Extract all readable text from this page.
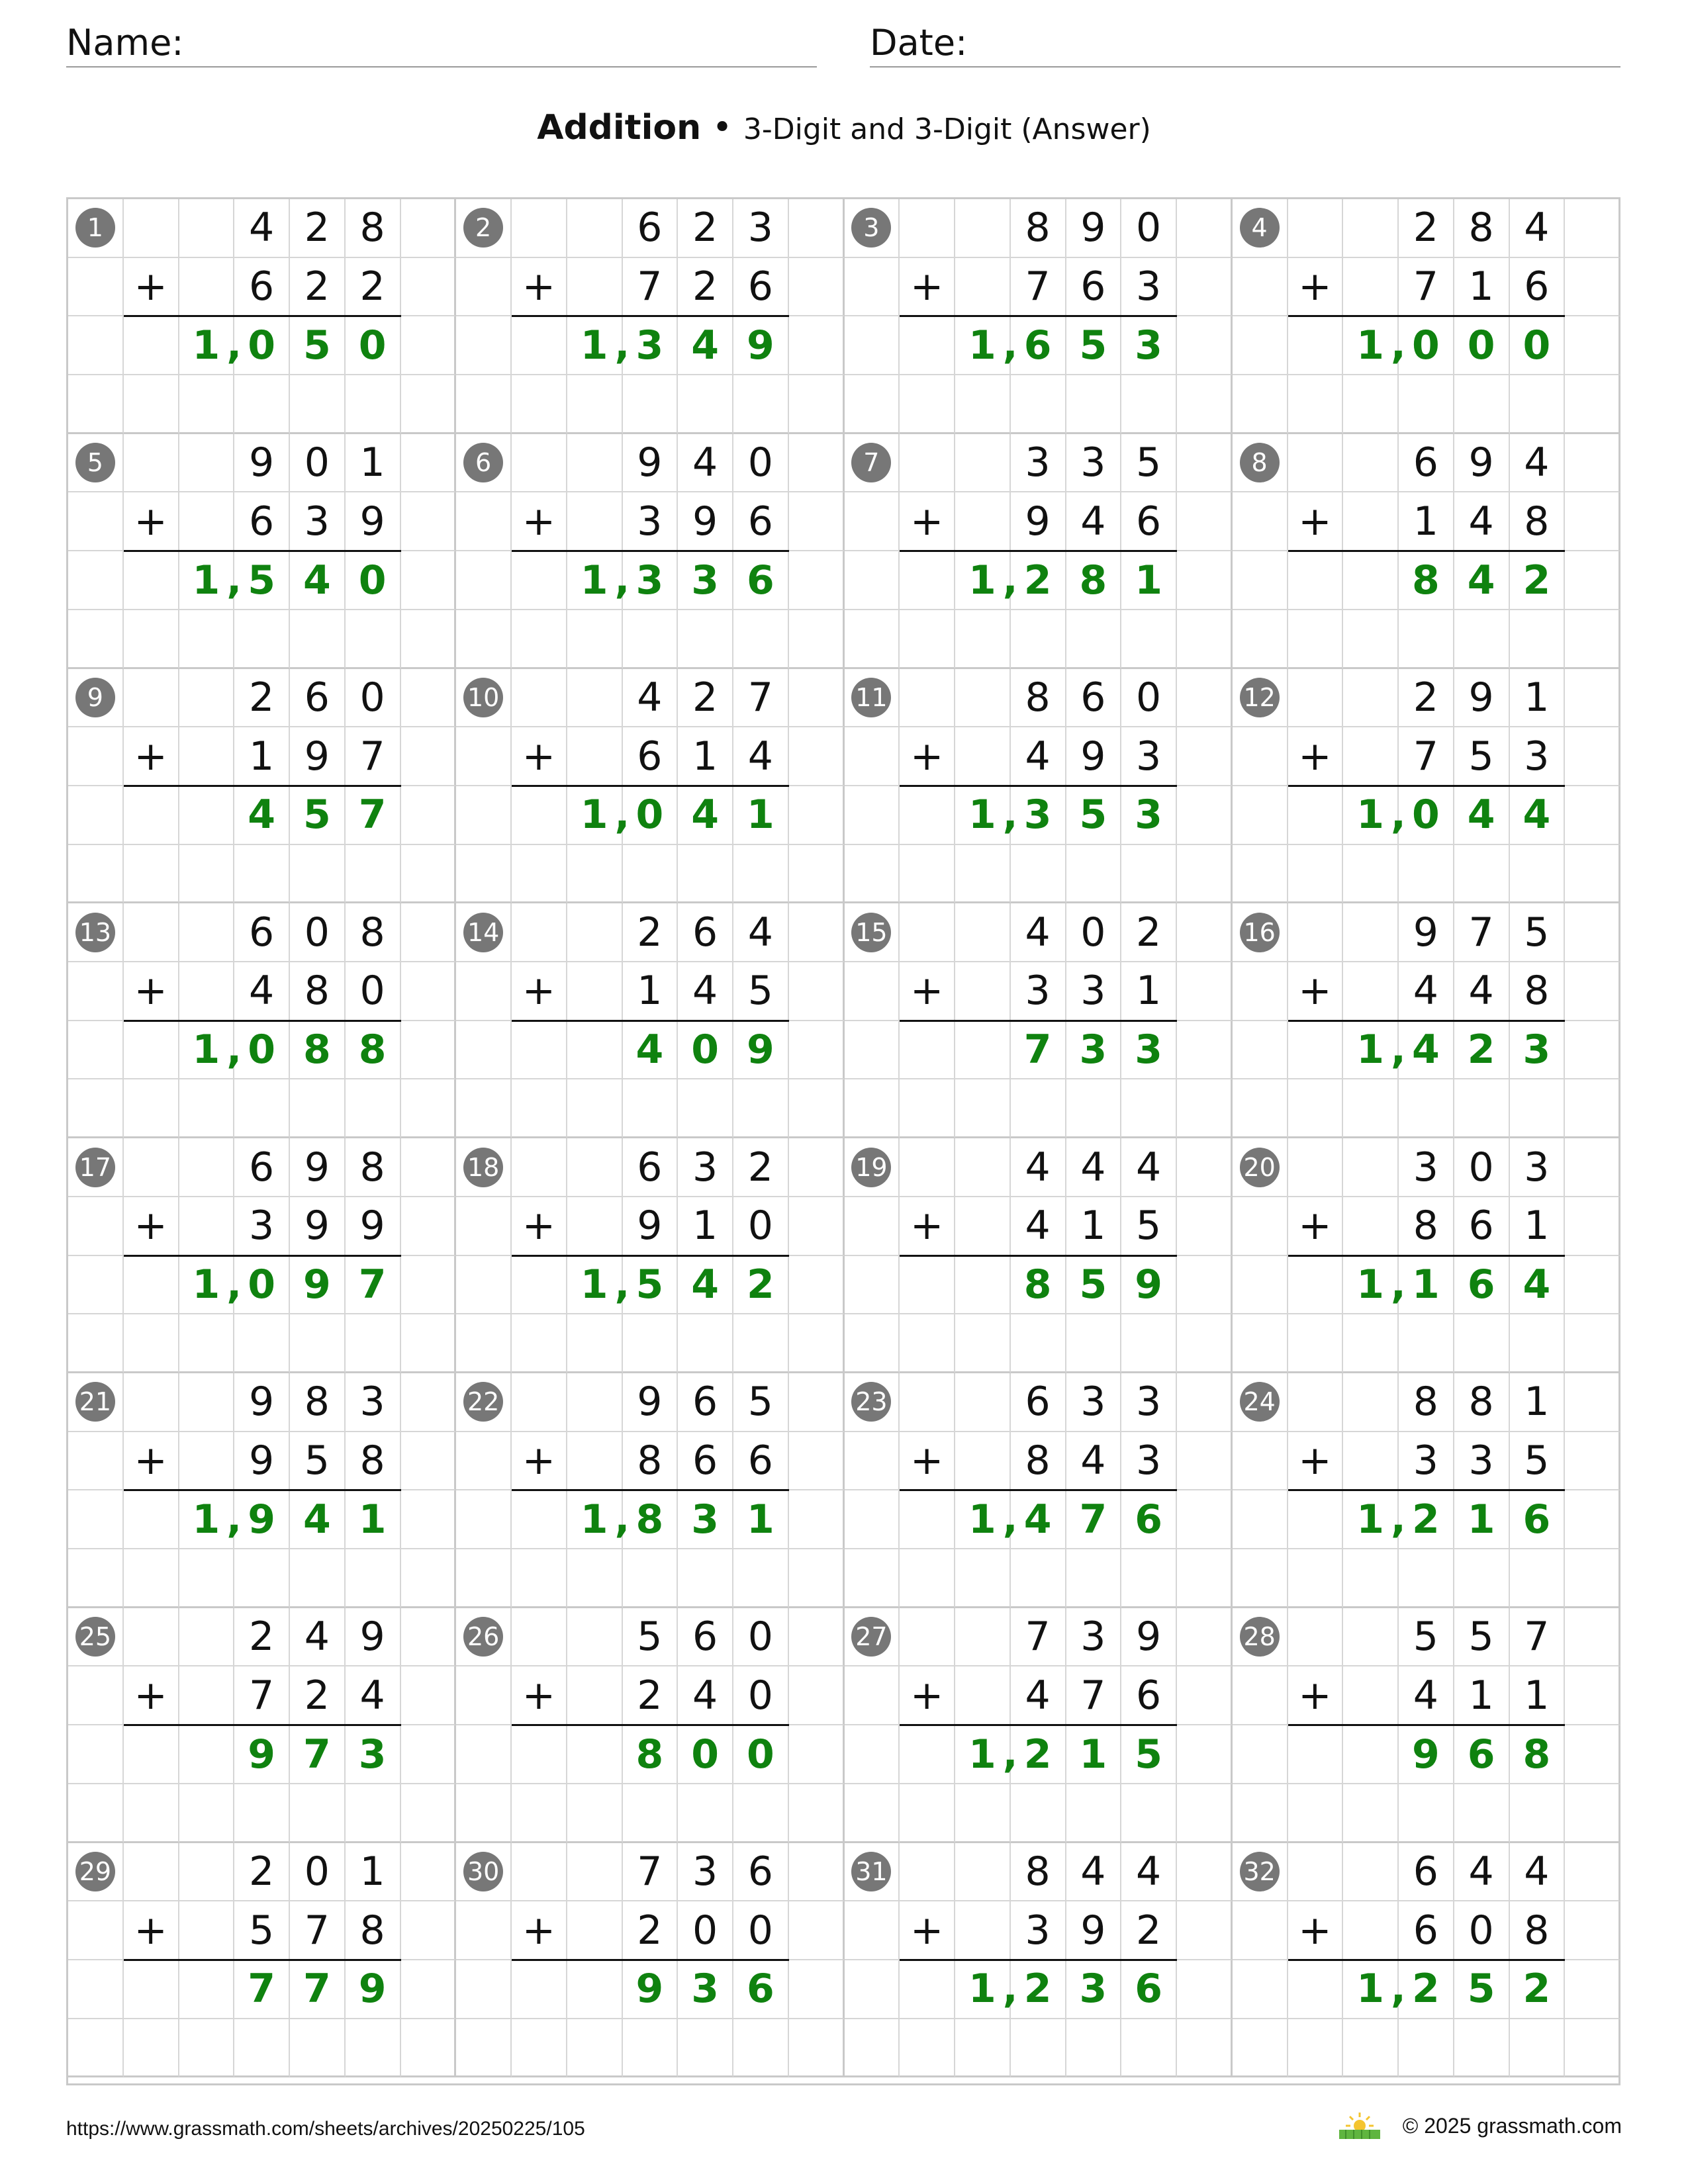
Name:	Date:
Addition • 3-Digit and 3-Digit (Answer)
1	4 2 8
+ 6 2 2
1 0 5 0
,
2	6 2 3
+ 7 2 6
1 3 4 9
,
3	8 9 0
+ 7 6 3
1 6 5 3
,
4	2 8 4
+ 7 1 6
1 0 0 0
,
5	9 0 1
+ 6 3 9
1 5 4 0
,
6	9 4 0
+ 3 9 6
1 3 3 6
,
7	3 3 5
+ 9 4 6
1 2 8 1
,
8	6 9 4
+ 1 4 8
8 4 2
9	2 6 0
+ 1 9 7
4 5 7
10	4 2 7
+ 6 1 4
1 0 4 1
,
11	8 6 0
+ 4 9 3
1 3 5 3
,
12	2 9 1
+ 7 5 3
1 0 4 4
,
13	6 0 8
+ 4 8 0
1 0 8 8
,
14	2 6 4
+ 1 4 5
4 0 9
15	4 0 2
+ 3 3 1
7 3 3
16	9 7 5
+ 4 4 8
1 4 2 3
,
17	6 9 8
+ 3 9 9
1 0 9 7
,
18	6 3 2
+ 9 1 0
1 5 4 2
,
19	4 4 4
+ 4 1 5
8 5 9
20	3 0 3
+ 8 6 1
1 1 6 4
,
21	9 8 3
+ 9 5 8
1 9 4 1
,
22	9 6 5
+ 8 6 6
1 8 3 1
,
23	6 3 3
+ 8 4 3
1 4 7 6
,
24	8 8 1
+ 3 3 5
1 2 1 6
,
25	2 4 9
+ 7 2 4
9 7 3
26	5 6 0
+ 2 4 0
8 0 0
27	7 3 9
+ 4 7 6
1 2 1 5
,
28	5 5 7
+ 4 1 1
9 6 8
29	2 0 1
+ 5 7 8
7 7 9
30	7 3 6
+ 2 0 0
9 3 6
31	8 4 4
+ 3 9 2
1 2 3 6
,
32	6 4 4
+ 6 0 8
1 2 5 2
,
https://www.grassmath.com/sheets/archives/20250225/105	© 2025 grassmath.com
